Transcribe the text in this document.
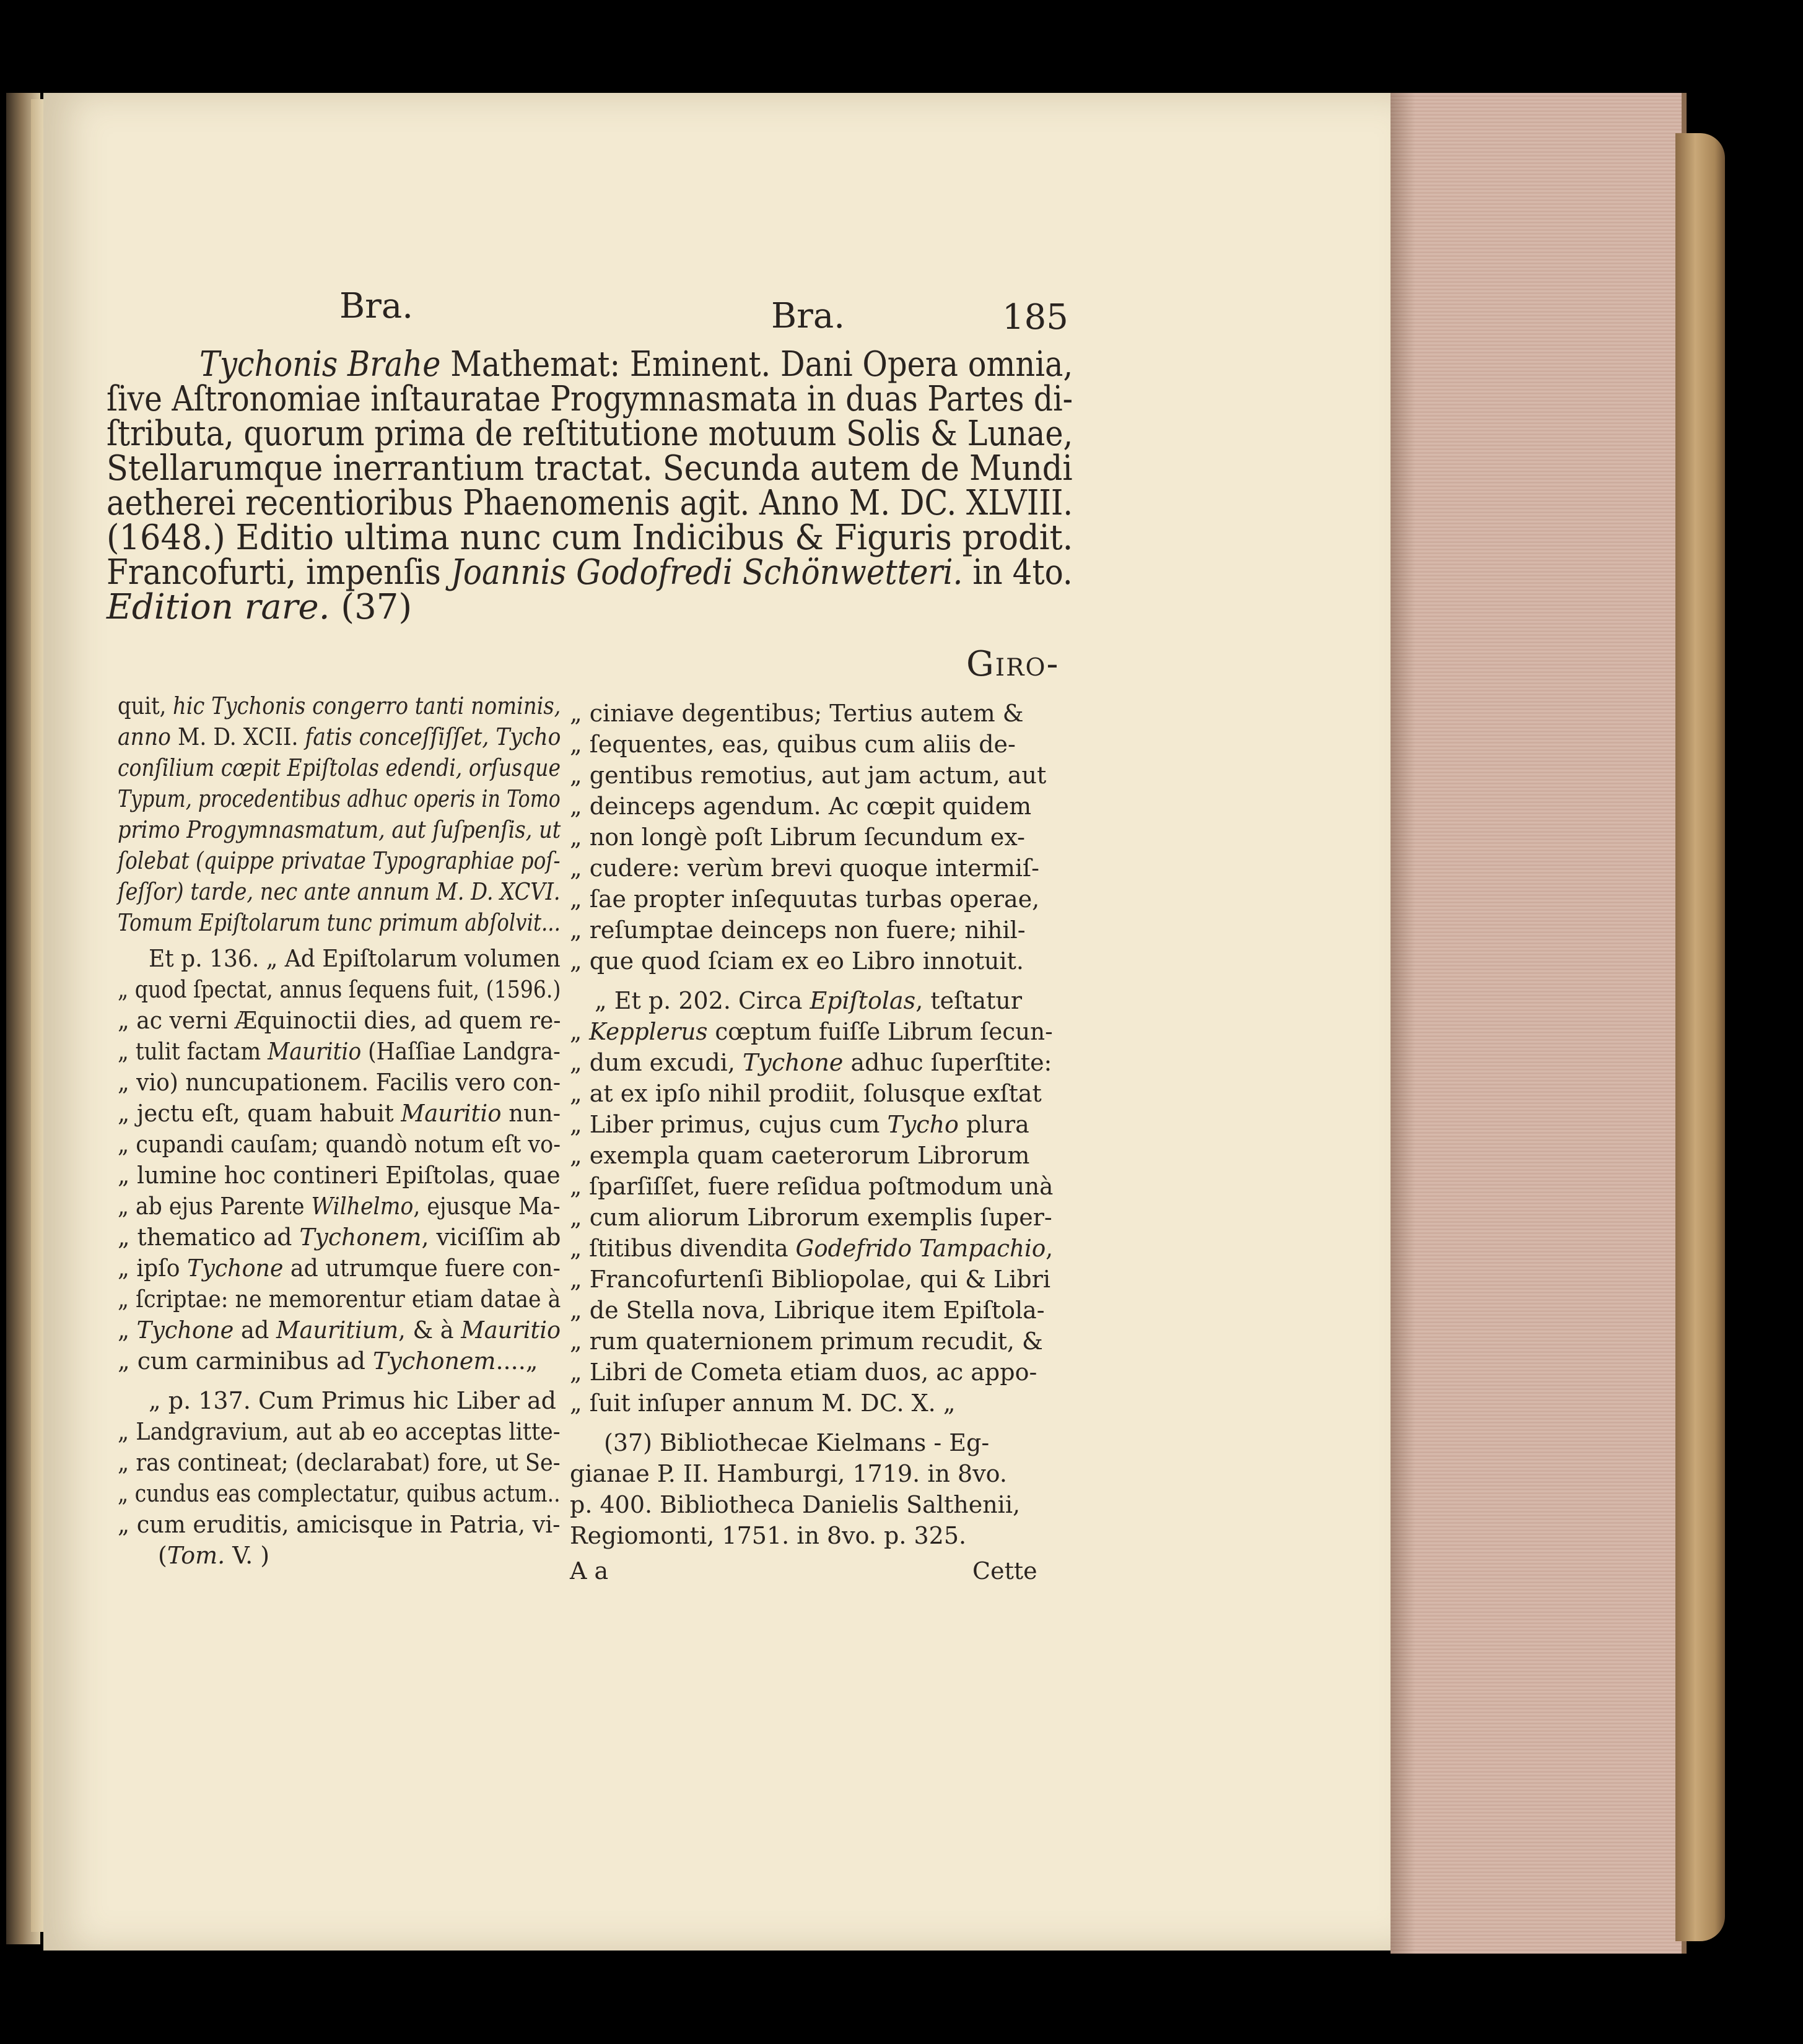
Bra.	Bra.	185
Tychonis Brahe Mathemat: Eminent. Dani Opera omnia,
ſive Aſtronomiae inſtauratae Progymnasmata in duas Partes di-
ſtributa, quorum prima de reſtitutione motuum Solis & Lunae,
Stellarumque inerrantium tractat. Secunda autem de Mundi
aetherei recentioribus Phaenomenis agit. Anno M. DC. XLVIII.
(1648.) Editio ultima nunc cum Indicibus & Figuris prodit.
Francofurti, impenſis Joannis Godofredi Schönwetteri. in 4to.
Edition rare. (37)
Giro-
quit, hic Tychonis congerro tanti nominis,
anno M. D. XCII. fatis conceſſiſſet, Tycho
conſilium cœpit Epiſtolas edendi, orſusque
Typum, procedentibus adhuc operis in Tomo
primo Progymnasmatum, aut ſuſpenſis, ut
ſolebat (quippe privatae Typographiae poſ-
ſeſſor) tarde, nec ante annum M. D. XCVI.
Tomum Epiſtolarum tunc primum abſolvit...
Et p. 136. „ Ad Epiſtolarum volumen
„ quod ſpectat, annus ſequens fuit, (1596.)
„ ac verni Æquinoctii dies, ad quem re-
„ tulit factam Mauritio (Haſſiae Landgra-
„ vio) nuncupationem. Facilis vero con-
„ jectu eſt, quam habuit Mauritio nun-
„ cupandi cauſam; quandò notum eſt vo-
„ lumine hoc contineri Epiſtolas, quae
„ ab ejus Parente Wilhelmo, ejusque Ma-
„ thematico ad Tychonem, viciſſim ab
„ ipſo Tychone ad utrumque fuere con-
„ ſcriptae: ne memorentur etiam datae à
„ Tychone ad Mauritium, & à Mauritio
„ cum carminibus ad Tychonem....„
„ p. 137. Cum Primus hic Liber ad
„ Landgravium, aut ab eo acceptas litte-
„ ras contineat; (declarabat) fore, ut Se-
„ cundus eas complectatur, quibus actum..
„ cum eruditis, amicisque in Patria, vi-
(Tom. V. )
„ ciniave degentibus; Tertius autem &
„ ſequentes, eas, quibus cum aliis de-
„ gentibus remotius, aut jam actum, aut
„ deinceps agendum. Ac cœpit quidem
„ non longè poſt Librum ſecundum ex-
„ cudere: verùm brevi quoque intermiſ-
„ ſae propter inſequutas turbas operae,
„ reſumptae deinceps non fuere; nihil-
„ que quod ſciam ex eo Libro innotuit.
„ Et p. 202. Circa Epiſtolas, teſtatur
„ Kepplerus cœptum fuiſſe Librum ſecun-
„ dum excudi, Tychone adhuc ſuperſtite:
„ at ex ipſo nihil prodiit, ſolusque exſtat
„ Liber primus, cujus cum Tycho plura
„ exempla quam caeterorum Librorum
„ ſparſiſſet, fuere reſidua poſtmodum unà
„ cum aliorum Librorum exemplis ſuper-
„ ſtitibus divendita Godefrido Tampachio,
„ Francofurtenſi Bibliopolae, qui & Libri
„ de Stella nova, Librique item Epiſtola-
„ rum quaternionem primum recudit, &
„ Libri de Cometa etiam duos, ac appo-
„ ſuit inſuper annum M. DC. X. „
(37) Bibliothecae Kielmans - Eg-
gianae P. II. Hamburgi, 1719. in 8vo.
p. 400. Bibliotheca Danielis Salthenii,
Regiomonti, 1751. in 8vo. p. 325.
A a	Cette
